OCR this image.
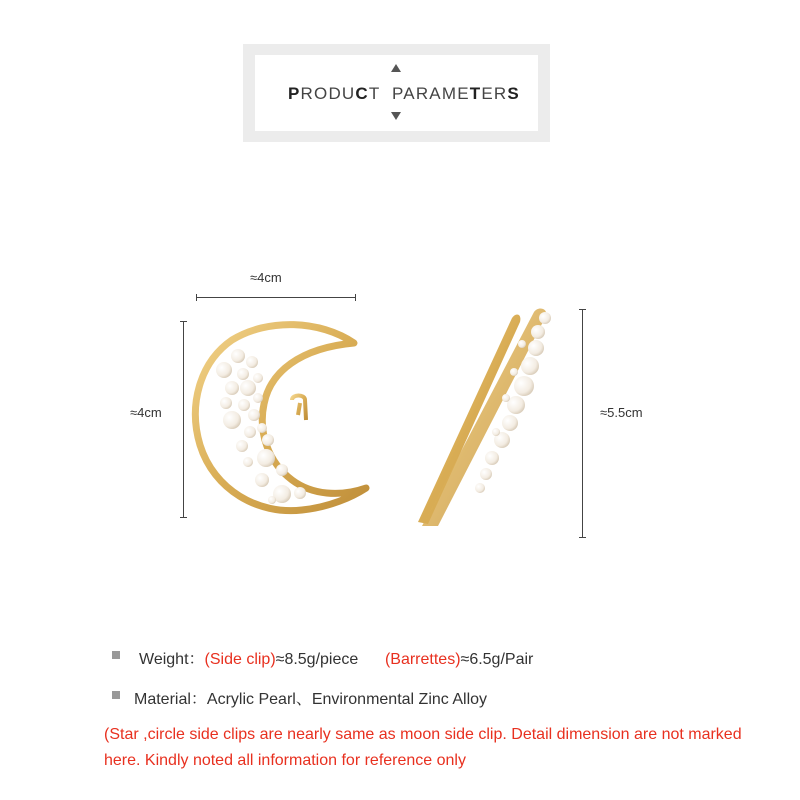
PRODUCT  PARAMETERS
≈4cm
≈4cm	≈5.5cm
Weight：(Side clip)≈8.5g/piece (Barrettes)≈6.5g/Pair
Material：Acrylic Pearl、Environmental Zinc Alloy
(Star ,circle side clips are nearly same as moon side clip. Detail dimension are not marked here. Kindly noted all information for reference only
